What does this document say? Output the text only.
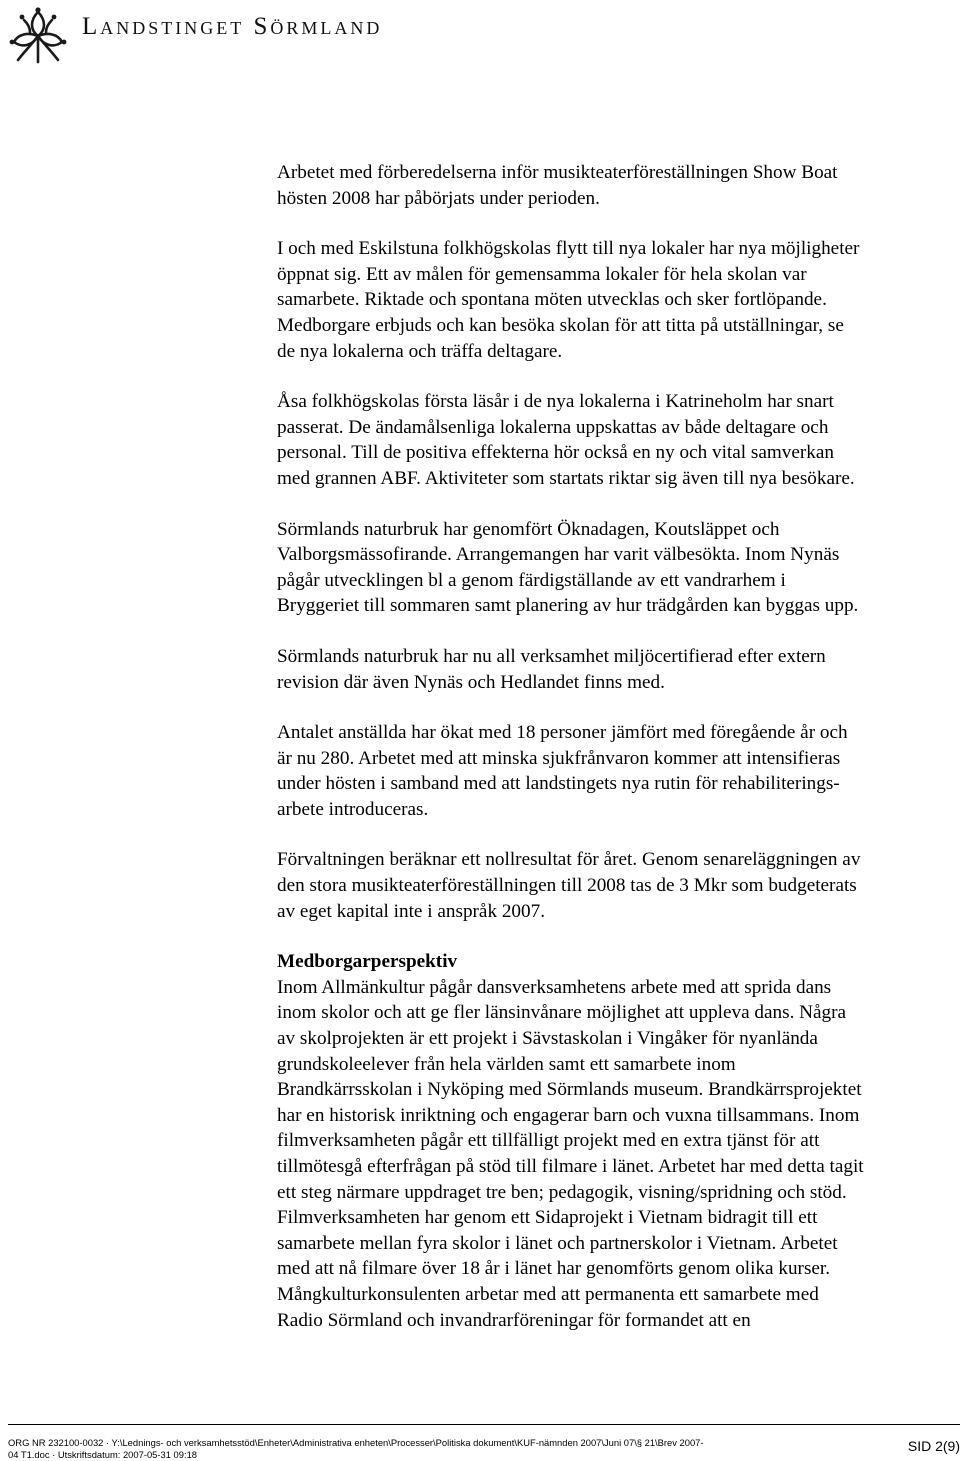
Landstinget Sörmland
Arbetet med förberedelserna inför musikteaterföreställningen Show Boat
hösten 2008 har påbörjats under perioden.
I och med Eskilstuna folkhögskolas flytt till nya lokaler har nya möjligheter
öppnat sig. Ett av målen för gemensamma lokaler för hela skolan var
samarbete. Riktade och spontana möten utvecklas och sker fortlöpande.
Medborgare erbjuds och kan besöka skolan för att titta på utställningar, se
de nya lokalerna och träffa deltagare.
Åsa folkhögskolas första läsår i de nya lokalerna i Katrineholm har snart
passerat. De ändamålsenliga lokalerna uppskattas av både deltagare och
personal. Till de positiva effekterna hör också en ny och vital samverkan
med grannen ABF. Aktiviteter som startats riktar sig även till nya besökare.
Sörmlands naturbruk har genomfört Öknadagen, Koutsläppet och
Valborgsmässofirande. Arrangemangen har varit välbesökta. Inom Nynäs
pågår utvecklingen bl a genom färdigställande av ett vandrarhem i
Bryggeriet till sommaren samt planering av hur trädgården kan byggas upp.
Sörmlands naturbruk har nu all verksamhet miljöcertifierad efter extern
revision där även Nynäs och Hedlandet finns med.
Antalet anställda har ökat med 18 personer jämfört med föregående år och
är nu 280. Arbetet med att minska sjukfrånvaron kommer att intensifieras
under hösten i samband med att landstingets nya rutin för rehabiliterings-
arbete introduceras.
Förvaltningen beräknar ett nollresultat för året. Genom senareläggningen av
den stora musikteaterföreställningen till 2008 tas de 3 Mkr som budgeterats
av eget kapital inte i anspråk 2007.
Medborgarperspektiv
Inom Allmänkultur pågår dansverksamhetens arbete med att sprida dans
inom skolor och att ge fler länsinvånare möjlighet att uppleva dans. Några
av skolprojekten är ett projekt i Sävstaskolan i Vingåker för nyanlända
grundskoleelever från hela världen samt ett samarbete inom
Brandkärrsskolan i Nyköping med Sörmlands museum. Brandkärrsprojektet
har en historisk inriktning och engagerar barn och vuxna tillsammans. Inom
filmverksamheten pågår ett tillfälligt projekt med en extra tjänst för att
tillmötesgå efterfrågan på stöd till filmare i länet. Arbetet har med detta tagit
ett steg närmare uppdraget tre ben; pedagogik, visning/spridning och stöd.
Filmverksamheten har genom ett Sidaprojekt i Vietnam bidragit till ett
samarbete mellan fyra skolor i länet och partnerskolor i Vietnam. Arbetet
med att nå filmare över 18 år i länet har genomförts genom olika kurser.
Mångkulturkonsulenten arbetar med att permanenta ett samarbete med
Radio Sörmland och invandrarföreningar för formandet att en
ORG NR 232100-0032 · Y:\Lednings- och verksamhetsstöd\Enheter\Administrativa enheten\Processer\Politiska dokument\KUF-nämnden 2007\Juni 07\§ 21\Brev 2007-
04 T1.doc · Utskriftsdatum: 2007-05-31 09:18
SID 2(9)
